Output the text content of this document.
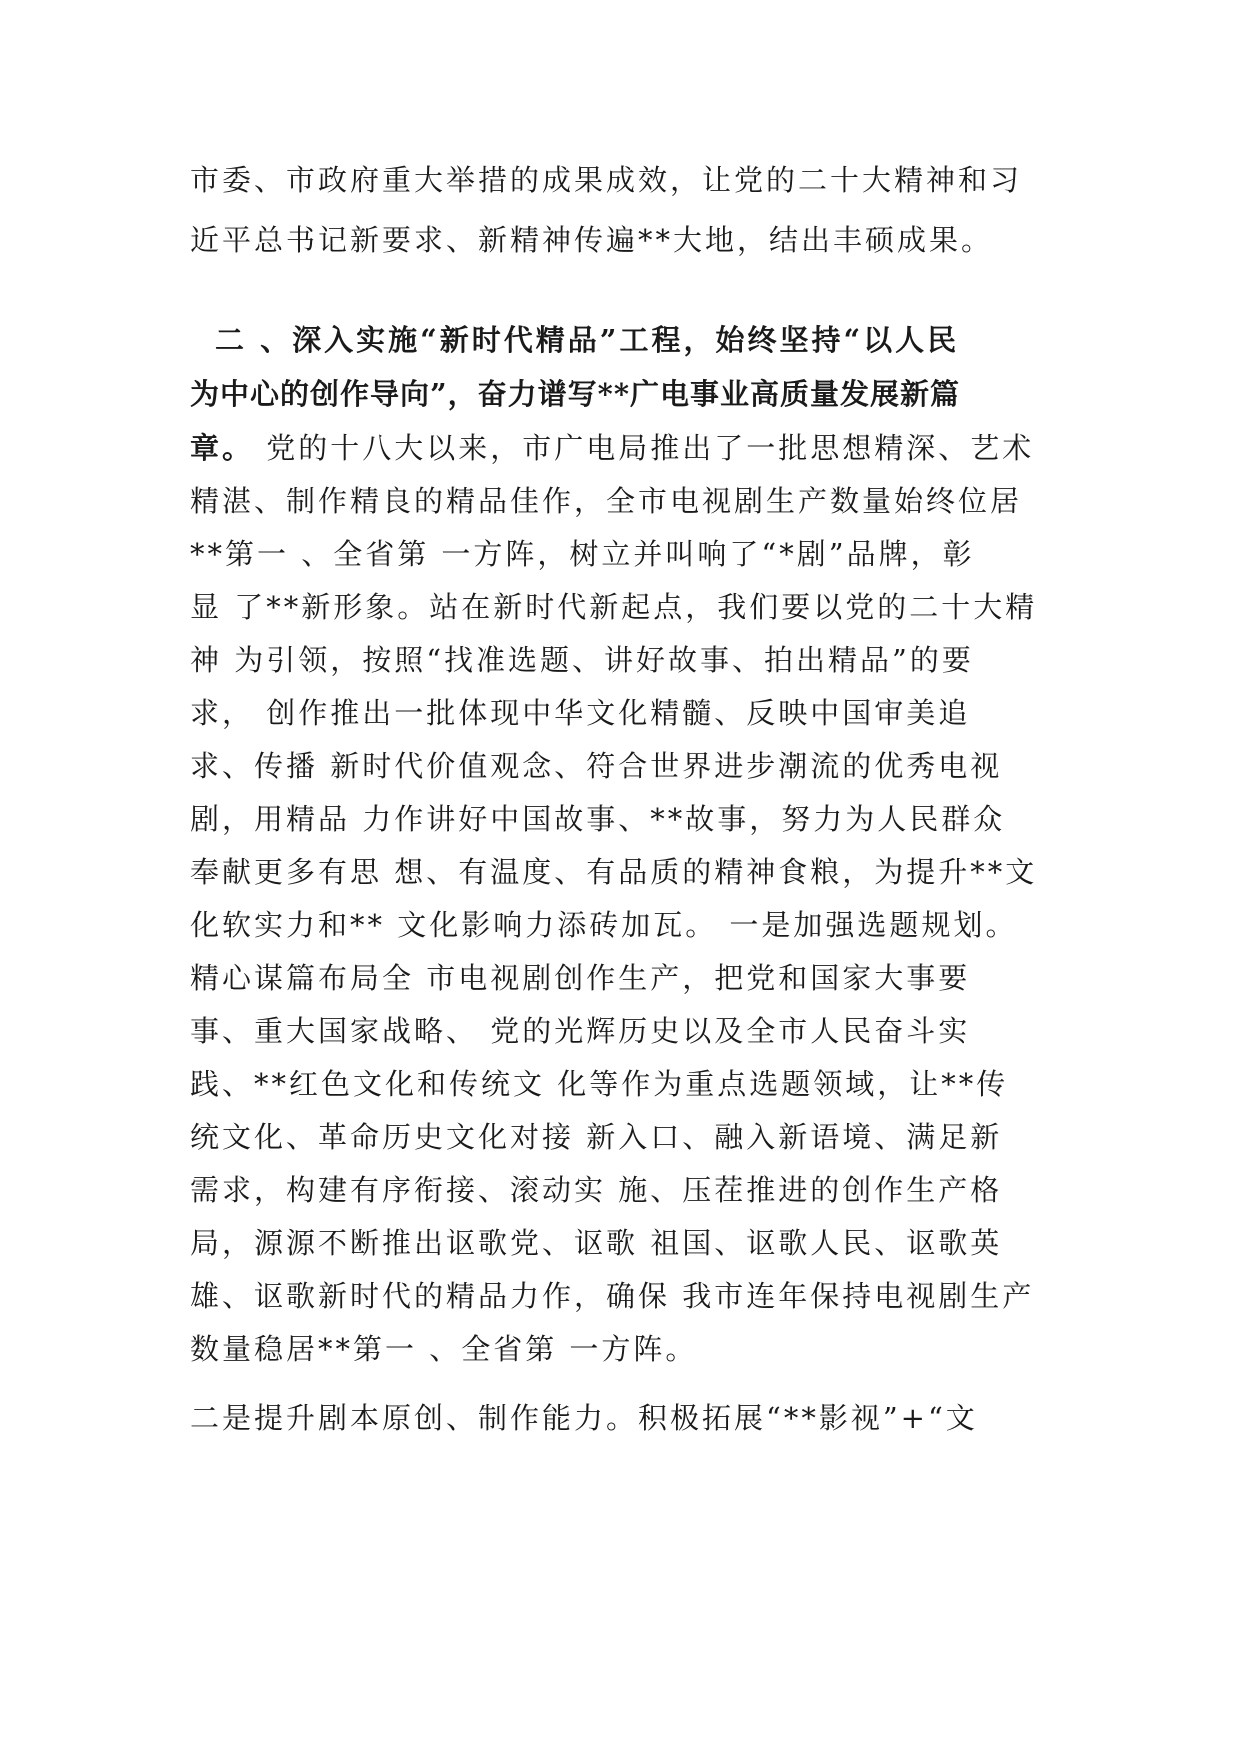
市委、市政府重大举措的成果成效，让党的二十大精神和习
近平总书记新要求、新精神传遍**大地，结出丰硕成果。
二 、深入实施“新时代精品”工程，始终坚持“以人民
为中心的创作导向”，奋力谱写**广电事业高质量发展新篇
章。 党的十八大以来，市广电局推出了一批思想精深、艺术
精湛、制作精良的精品佳作，全市电视剧生产数量始终位居
**第一 、全省第 一方阵，树立并叫响了“*剧”品牌，彰
显 了**新形象。站在新时代新起点，我们要以党的二十大精
神 为引领，按照“找准选题、讲好故事、拍出精品”的要
求， 创作推出一批体现中华文化精髓、反映中国审美追
求、传播 新时代价值观念、符合世界进步潮流的优秀电视
剧，用精品 力作讲好中国故事、**故事，努力为人民群众
奉献更多有思 想、有温度、有品质的精神食粮，为提升**文
化软实力和** 文化影响力添砖加瓦。 一是加强选题规划。
精心谋篇布局全 市电视剧创作生产，把党和国家大事要
事、重大国家战略、 党的光辉历史以及全市人民奋斗实
践、**红色文化和传统文 化等作为重点选题领域，让**传
统文化、革命历史文化对接 新入口、融入新语境、满足新
需求，构建有序衔接、滚动实 施、压茬推进的创作生产格
局，源源不断推出讴歌党、讴歌 祖国、讴歌人民、讴歌英
雄、讴歌新时代的精品力作，确保 我市连年保持电视剧生产
数量稳居**第一 、全省第 一方阵。
二是提升剧本原创、制作能力。积极拓展“**影视”+“文
